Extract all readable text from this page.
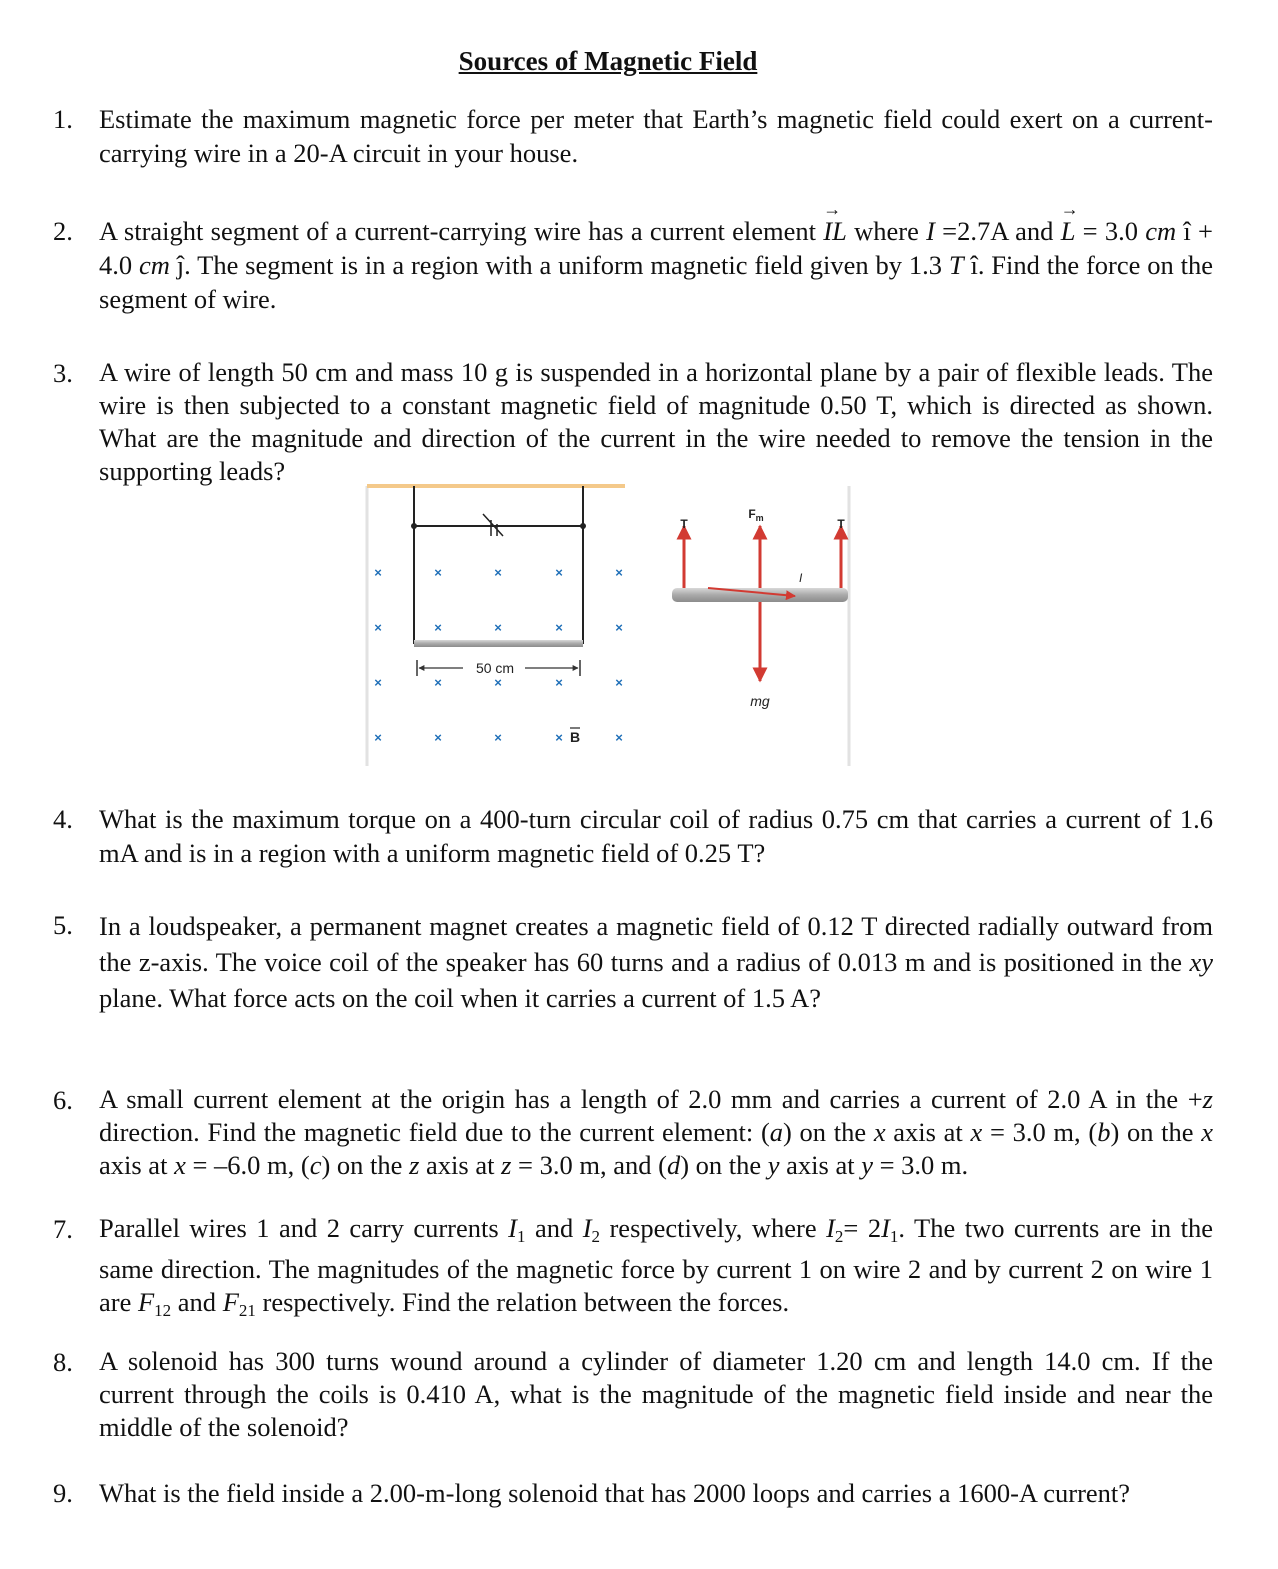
Sources of Magnetic Field
1. Estimate the maximum magnetic force per meter that Earth’s magnetic field could exert on a current-carrying wire in a 20-A circuit in your house.
2. A straight segment of a current-carrying wire has a current element → IL where I =2.7A and → L = 3.0 cm î + 4.0 cm ĵ. The segment is in a region with a uniform magnetic field given by 1.3 T î. Find the force on the segment of wire.
3. A wire of length 50 cm and mass 10 g is suspended in a horizontal plane by a pair of flexible leads. The wire is then subjected to a constant magnetic field of magnitude 0.50 T, which is directed as shown. What are the magnitude and direction of the current in the wire needed to remove the tension in the supporting leads?
50 cm
×	×	×	×	×
×	×	×	×	×
×	×	×	×	×
×	×	×	×	×
B
I
T	T
$F_m$
mg
4. What is the maximum torque on a 400-turn circular coil of radius 0.75 cm that carries a current of 1.6 mA and is in a region with a uniform magnetic field of 0.25 T?
5. In a loudspeaker, a permanent magnet creates a magnetic field of 0.12 T directed radially outward from the z-axis. The voice coil of the speaker has 60 turns and a radius of 0.013 m and is positioned in the xy plane. What force acts on the coil when it carries a current of 1.5 A?
6. A small current element at the origin has a length of 2.0 mm and carries a current of 2.0 A in the +z direction. Find the magnetic field due to the current element: (a) on the x axis at x = 3.0 m, (b) on the x axis at x = –6.0 m, (c) on the z axis at z = 3.0 m, and (d) on the y axis at y = 3.0 m.
7. Parallel wires 1 and 2 carry currents $I_1$ and $I_2$ respectively, where $I_2= 2I_1$. The two currents are in the same direction. The magnitudes of the magnetic force by current 1 on wire 2 and by current 2 on wire 1 are $F_{12}$ and $F_{21}$ respectively. Find the relation between the forces.
8. A solenoid has 300 turns wound around a cylinder of diameter 1.20 cm and length 14.0 cm. If the current through the coils is 0.410 A, what is the magnitude of the magnetic field inside and near the middle of the solenoid?
9. What is the field inside a 2.00-m-long solenoid that has 2000 loops and carries a 1600-A current?
